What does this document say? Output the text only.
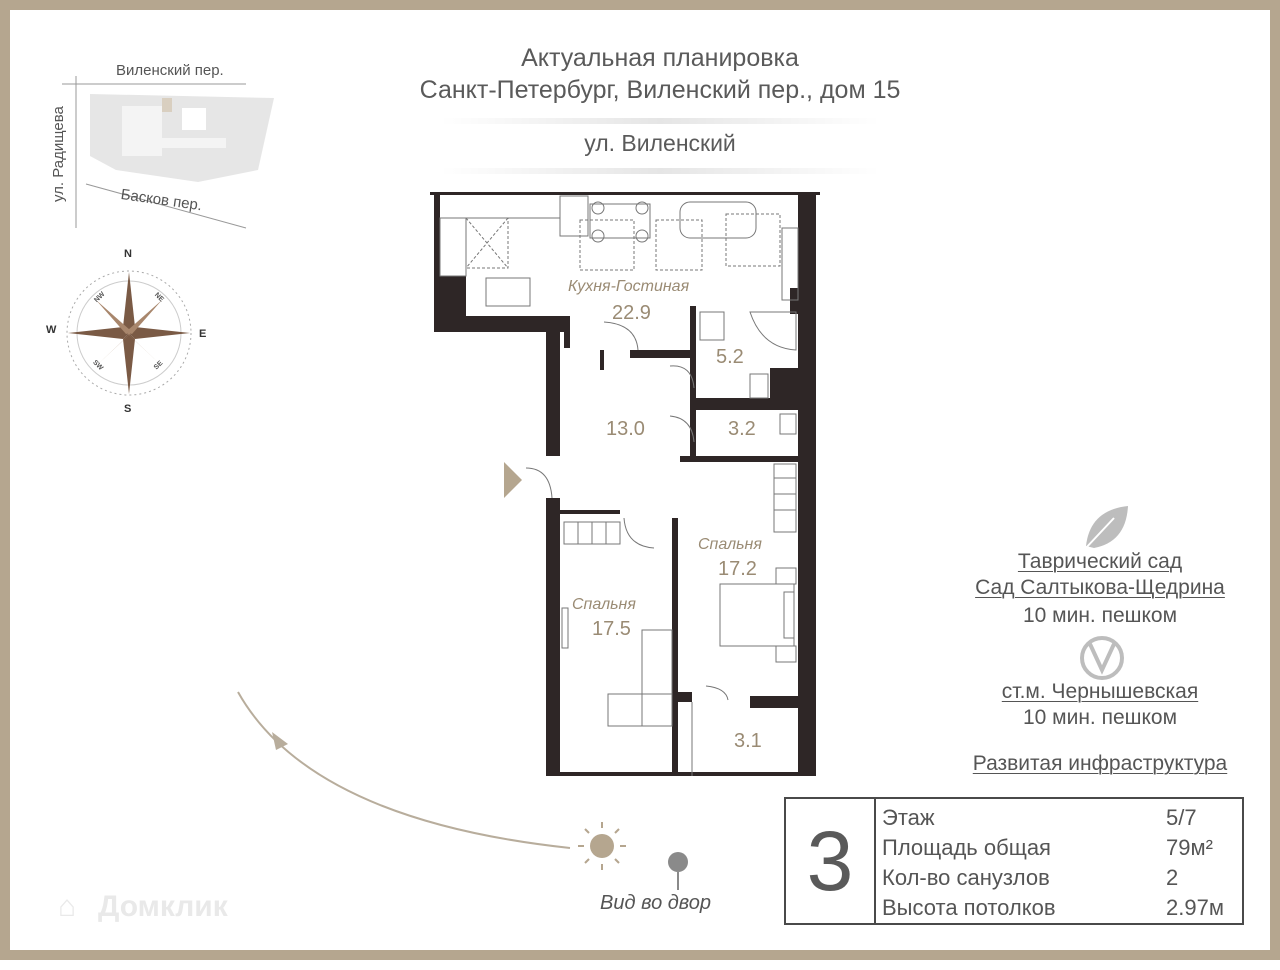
Актуальная планировка
Санкт-Петербург, Виленский пер., дом 15
ул. Виленский
Виленский пер.
ул. Радищева	Басков пер.
N
E
S
W
NW	NE
SE
SW
Кухня-Гостиная
22.9
5.2
13.0	3.2
Спальня
17.2
Спальня
17.5
3.1
Таврический сад
Сад Салтыкова-Щедрина
10 мин. пешком
ст.м. Чернышевская
10 мин. пешком
Развитая инфраструктура
3	Этаж	5/7
Площадь общая	79м²
Кол-во санузлов	2
Высота потолков	2.97м
Вид во двор
⌂ Домклик
